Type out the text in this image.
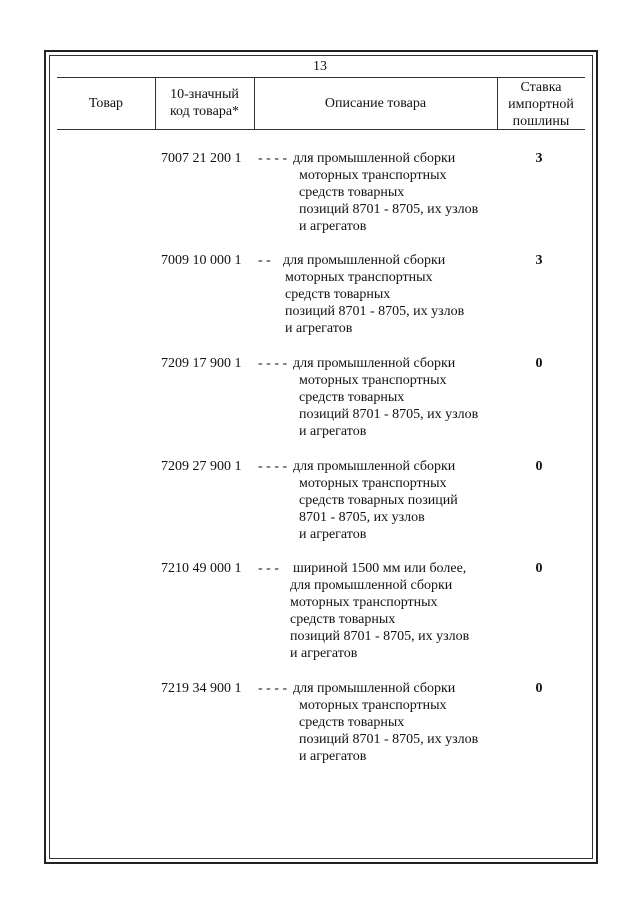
13
Товар
10-значный
код товара*
Описание товара
Ставка
импортной
пошлины
7007 21 200 1 - - - - для промышленной сборки
моторных транспортных
средств товарных
позиций 8701 - 8705, их узлов
и агрегатов
3
7009 10 000 1 - - для промышленной сборки
моторных транспортных
средств товарных
позиций 8701 - 8705, их узлов
и агрегатов
3
7209 17 900 1 - - - - для промышленной сборки
моторных транспортных
средств товарных
позиций 8701 - 8705, их узлов
и агрегатов
0
7209 27 900 1 - - - - для промышленной сборки
моторных транспортных
средств товарных позиций
8701 - 8705, их узлов
и агрегатов
0
7210 49 000 1 - - - шириной 1500 мм или более,
для промышленной сборки
моторных транспортных
средств товарных
позиций 8701 - 8705, их узлов
и агрегатов
0
7219 34 900 1 - - - - для промышленной сборки
моторных транспортных
средств товарных
позиций 8701 - 8705, их узлов
и агрегатов
0
